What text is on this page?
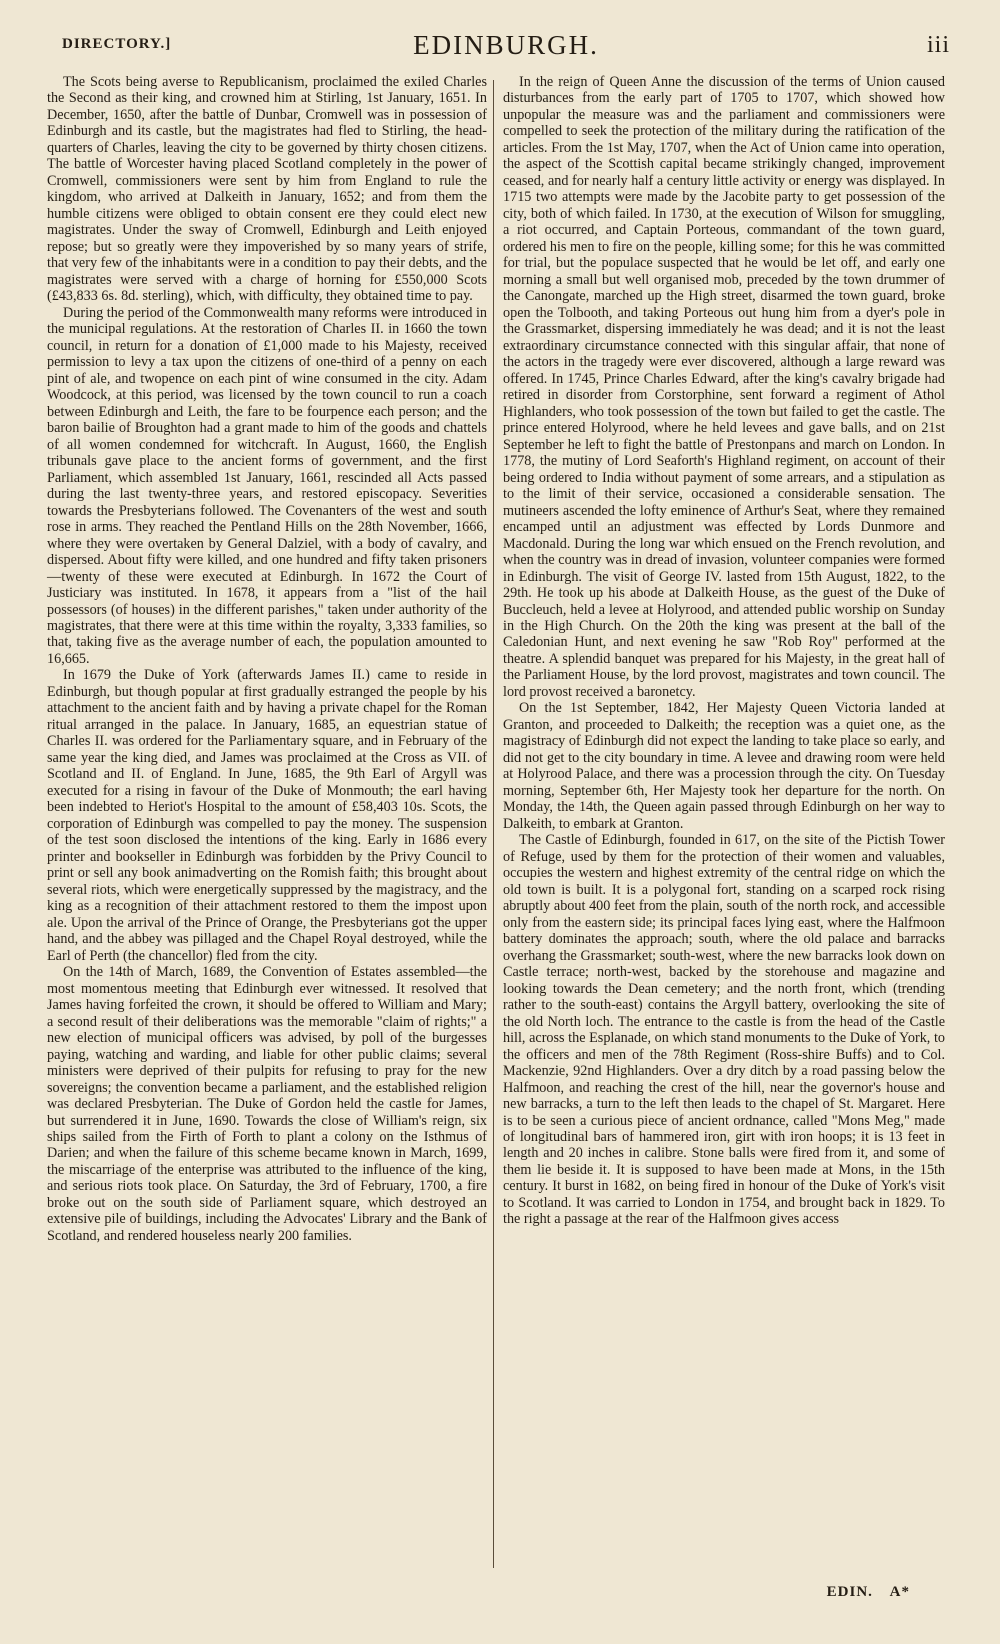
DIRECTORY.]	EDINBURGH.	iii

The Scots being averse to Republicanism, proclaimed the exiled Charles the Second as their king, and crowned him at Stirling, 1st January, 1651. In December, 1650, after the battle of Dunbar, Cromwell was in possession of Edinburgh and its castle, but the magistrates had fled to Stirling, the head-quarters of Charles, leaving the city to be governed by thirty chosen citizens. The battle of Worcester having placed Scotland completely in the power of Cromwell, commissioners were sent by him from England to rule the kingdom, who arrived at Dalkeith in January, 1652; and from them the humble citizens were obliged to obtain consent ere they could elect new magistrates. Under the sway of Cromwell, Edinburgh and Leith enjoyed repose; but so greatly were they impoverished by so many years of strife, that very few of the inhabitants were in a condition to pay their debts, and the magistrates were served with a charge of horning for £550,000 Scots (£43,833 6s. 8d. sterling), which, with difficulty, they obtained time to pay.

During the period of the Commonwealth many reforms were introduced in the municipal regulations. At the restoration of Charles II. in 1660 the town council, in return for a donation of £1,000 made to his Majesty, received permission to levy a tax upon the citizens of one-third of a penny on each pint of ale, and twopence on each pint of wine consumed in the city. Adam Woodcock, at this period, was licensed by the town council to run a coach between Edinburgh and Leith, the fare to be fourpence each person; and the baron bailie of Broughton had a grant made to him of the goods and chattels of all women condemned for witchcraft. In August, 1660, the English tribunals gave place to the ancient forms of government, and the first Parliament, which assembled 1st January, 1661, rescinded all Acts passed during the last twenty-three years, and restored episcopacy. Severities towards the Presbyterians followed. The Covenanters of the west and south rose in arms. They reached the Pentland Hills on the 28th November, 1666, where they were overtaken by General Dalziel, with a body of cavalry, and dispersed. About fifty were killed, and one hundred and fifty taken prisoners—twenty of these were executed at Edinburgh. In 1672 the Court of Justiciary was instituted. In 1678, it appears from a "list of the hail possessors (of houses) in the different parishes," taken under authority of the magistrates, that there were at this time within the royalty, 3,333 families, so that, taking five as the average number of each, the population amounted to 16,665.

In 1679 the Duke of York (afterwards James II.) came to reside in Edinburgh, but though popular at first gradually estranged the people by his attachment to the ancient faith and by having a private chapel for the Roman ritual arranged in the palace. In January, 1685, an equestrian statue of Charles II. was ordered for the Parliamentary square, and in February of the same year the king died, and James was proclaimed at the Cross as VII. of Scotland and II. of England. In June, 1685, the 9th Earl of Argyll was executed for a rising in favour of the Duke of Monmouth; the earl having been indebted to Heriot's Hospital to the amount of £58,403 10s. Scots, the corporation of Edinburgh was compelled to pay the money. The suspension of the test soon disclosed the intentions of the king. Early in 1686 every printer and bookseller in Edinburgh was forbidden by the Privy Council to print or sell any book animadverting on the Romish faith; this brought about several riots, which were energetically suppressed by the magistracy, and the king as a recognition of their attachment restored to them the impost upon ale. Upon the arrival of the Prince of Orange, the Presbyterians got the upper hand, and the abbey was pillaged and the Chapel Royal destroyed, while the Earl of Perth (the chancellor) fled from the city.

On the 14th of March, 1689, the Convention of Estates assembled—the most momentous meeting that Edinburgh ever witnessed. It resolved that James having forfeited the crown, it should be offered to William and Mary; a second result of their deliberations was the memorable "claim of rights;" a new election of municipal officers was advised, by poll of the burgesses paying, watching and warding, and liable for other public claims; several ministers were deprived of their pulpits for refusing to pray for the new sovereigns; the convention became a parliament, and the established religion was declared Presbyterian. The Duke of Gordon held the castle for James, but surrendered it in June, 1690. Towards the close of William's reign, six ships sailed from the Firth of Forth to plant a colony on the Isthmus of Darien; and when the failure of this scheme became known in March, 1699, the miscarriage of the enterprise was attributed to the influence of the king, and serious riots took place. On Saturday, the 3rd of February, 1700, a fire broke out on the south side of Parliament square, which destroyed an extensive pile of buildings, including the Advocates' Library and the Bank of Scotland, and rendered houseless nearly 200 families.

In the reign of Queen Anne the discussion of the terms of Union caused disturbances from the early part of 1705 to 1707, which showed how unpopular the measure was and the parliament and commissioners were compelled to seek the protection of the military during the ratification of the articles. From the 1st May, 1707, when the Act of Union came into operation, the aspect of the Scottish capital became strikingly changed, improvement ceased, and for nearly half a century little activity or energy was displayed. In 1715 two attempts were made by the Jacobite party to get possession of the city, both of which failed. In 1730, at the execution of Wilson for smuggling, a riot occurred, and Captain Porteous, commandant of the town guard, ordered his men to fire on the people, killing some; for this he was committed for trial, but the populace suspected that he would be let off, and early one morning a small but well organised mob, preceded by the town drummer of the Canongate, marched up the High street, disarmed the town guard, broke open the Tolbooth, and taking Porteous out hung him from a dyer's pole in the Grassmarket, dispersing immediately he was dead; and it is not the least extraordinary circumstance connected with this singular affair, that none of the actors in the tragedy were ever discovered, although a large reward was offered. In 1745, Prince Charles Edward, after the king's cavalry brigade had retired in disorder from Corstorphine, sent forward a regiment of Athol Highlanders, who took possession of the town but failed to get the castle. The prince entered Holyrood, where he held levees and gave balls, and on 21st September he left to fight the battle of Prestonpans and march on London. In 1778, the mutiny of Lord Seaforth's Highland regiment, on account of their being ordered to India without payment of some arrears, and a stipulation as to the limit of their service, occasioned a considerable sensation. The mutineers ascended the lofty eminence of Arthur's Seat, where they remained encamped until an adjustment was effected by Lords Dunmore and Macdonald. During the long war which ensued on the French revolution, and when the country was in dread of invasion, volunteer companies were formed in Edinburgh. The visit of George IV. lasted from 15th August, 1822, to the 29th. He took up his abode at Dalkeith House, as the guest of the Duke of Buccleuch, held a levee at Holyrood, and attended public worship on Sunday in the High Church. On the 20th the king was present at the ball of the Caledonian Hunt, and next evening he saw "Rob Roy" performed at the theatre. A splendid banquet was prepared for his Majesty, in the great hall of the Parliament House, by the lord provost, magistrates and town council. The lord provost received a baronetcy.

On the 1st September, 1842, Her Majesty Queen Victoria landed at Granton, and proceeded to Dalkeith; the reception was a quiet one, as the magistracy of Edinburgh did not expect the landing to take place so early, and did not get to the city boundary in time. A levee and drawing room were held at Holyrood Palace, and there was a procession through the city. On Tuesday morning, September 6th, Her Majesty took her departure for the north. On Monday, the 14th, the Queen again passed through Edinburgh on her way to Dalkeith, to embark at Granton.

The Castle of Edinburgh, founded in 617, on the site of the Pictish Tower of Refuge, used by them for the protection of their women and valuables, occupies the western and highest extremity of the central ridge on which the old town is built. It is a polygonal fort, standing on a scarped rock rising abruptly about 400 feet from the plain, south of the north rock, and accessible only from the eastern side; its principal faces lying east, where the Halfmoon battery dominates the approach; south, where the old palace and barracks overhang the Grassmarket; south-west, where the new barracks look down on Castle terrace; north-west, backed by the storehouse and magazine and looking towards the Dean cemetery; and the north front, which (trending rather to the south-east) contains the Argyll battery, overlooking the site of the old North loch. The entrance to the castle is from the head of the Castle hill, across the Esplanade, on which stand monuments to the Duke of York, to the officers and men of the 78th Regiment (Ross-shire Buffs) and to Col. Mackenzie, 92nd Highlanders. Over a dry ditch by a road passing below the Halfmoon, and reaching the crest of the hill, near the governor's house and new barracks, a turn to the left then leads to the chapel of St. Margaret. Here is to be seen a curious piece of ancient ordnance, called "Mons Meg," made of longitudinal bars of hammered iron, girt with iron hoops; it is 13 feet in length and 20 inches in calibre. Stone balls were fired from it, and some of them lie beside it. It is supposed to have been made at Mons, in the 15th century. It burst in 1682, on being fired in honour of the Duke of York's visit to Scotland. It was carried to London in 1754, and brought back in 1829. To the right a passage at the rear of the Halfmoon gives access

EDIN. A*
